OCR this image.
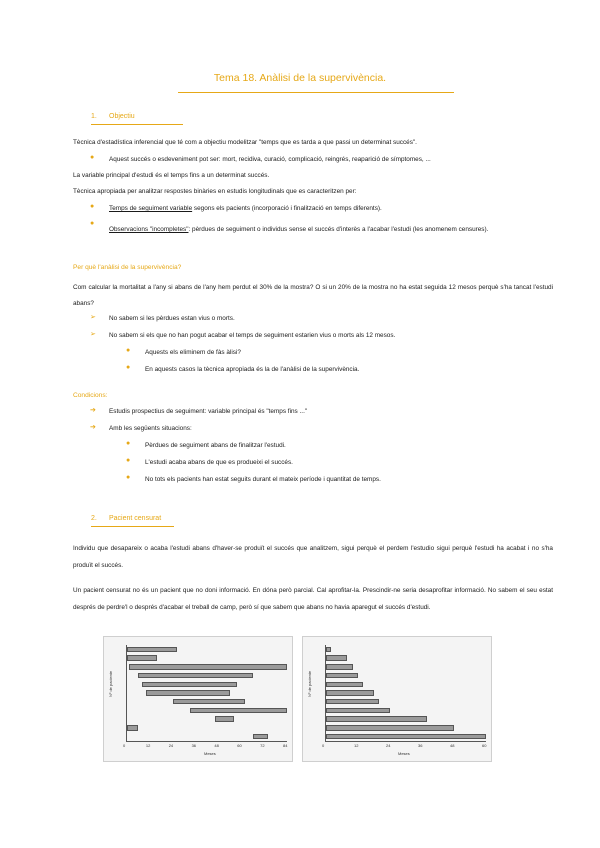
Tema 18. Anàlisi de la supervivència.
1. Objectiu
Tècnica d'estadística inferencial que té com a objectiu modelitzar "temps que es tarda a que passi un determinat succés".
● Aquest succés o esdeveniment pot ser: mort, recidiva, curació, complicació, reingrés, reaparició de símptomes, ...
La variable principal d'estudi és el temps fins a un determinat succés.
Tècnica apropiada per analitzar respostes binàries en estudis longitudinals que es caracteritzen per:
● Temps de seguiment variable segons els pacients (incorporació i finalització en temps diferents).
●
Observacions "incompletes": pèrdues de seguiment o individus sense el succés d'interès a l'acabar l'estudi (les anomenem censures).
Per què l'anàlisi de la supervivència?
Com calcular la mortalitat a l'any si abans de l'any hem perdut el 30% de la mostra? O si un 20% de la mostra no ha estat seguida 12 mesos perquè s'ha tancat l'estudi abans?
➢ No sabem si les pèrdues estan vius o morts.
➢ No sabem si els que no han pogut acabar el temps de seguiment estarien vius o morts als 12 mesos.
● Aquests els eliminem de fàs àlisi?
● En aquests casos la tècnica apropiada és la de l'anàlisi de la supervivència.
Condicions:
➔ Estudis prospectius de seguiment: variable principal és "temps fins ..."
➔ Amb les següents situacions:
● Pèrdues de seguiment abans de finalitzar l'estudi.
● L'estudi acaba abans de que es produeixi el succés.
● No tots els pacients han estat seguits durant el mateix període i quantitat de temps.
2. Pacient censurat
Individu que desapareix o acaba l'estudi abans d'haver-se produït el succés que analitzem, sigui perquè el perdem l'estudio sigui perquè l'estudi ha acabat i no s'ha produït el succés.
Un pacient censurat no és un pacient que no doni informació. En dóna però parcial. Cal aprofitar-la. Prescindir-ne seria desaprofitar informació. No sabem el seu estat després de perdre'l o després d'acabar el treball de camp, però sí que sabem que abans no havia aparegut el succés d'estudi.
Nº de paciente
Meses
0	12	24	36	48	60	72	84
Nº de paciente
Meses
0	12	24	36	48	60
